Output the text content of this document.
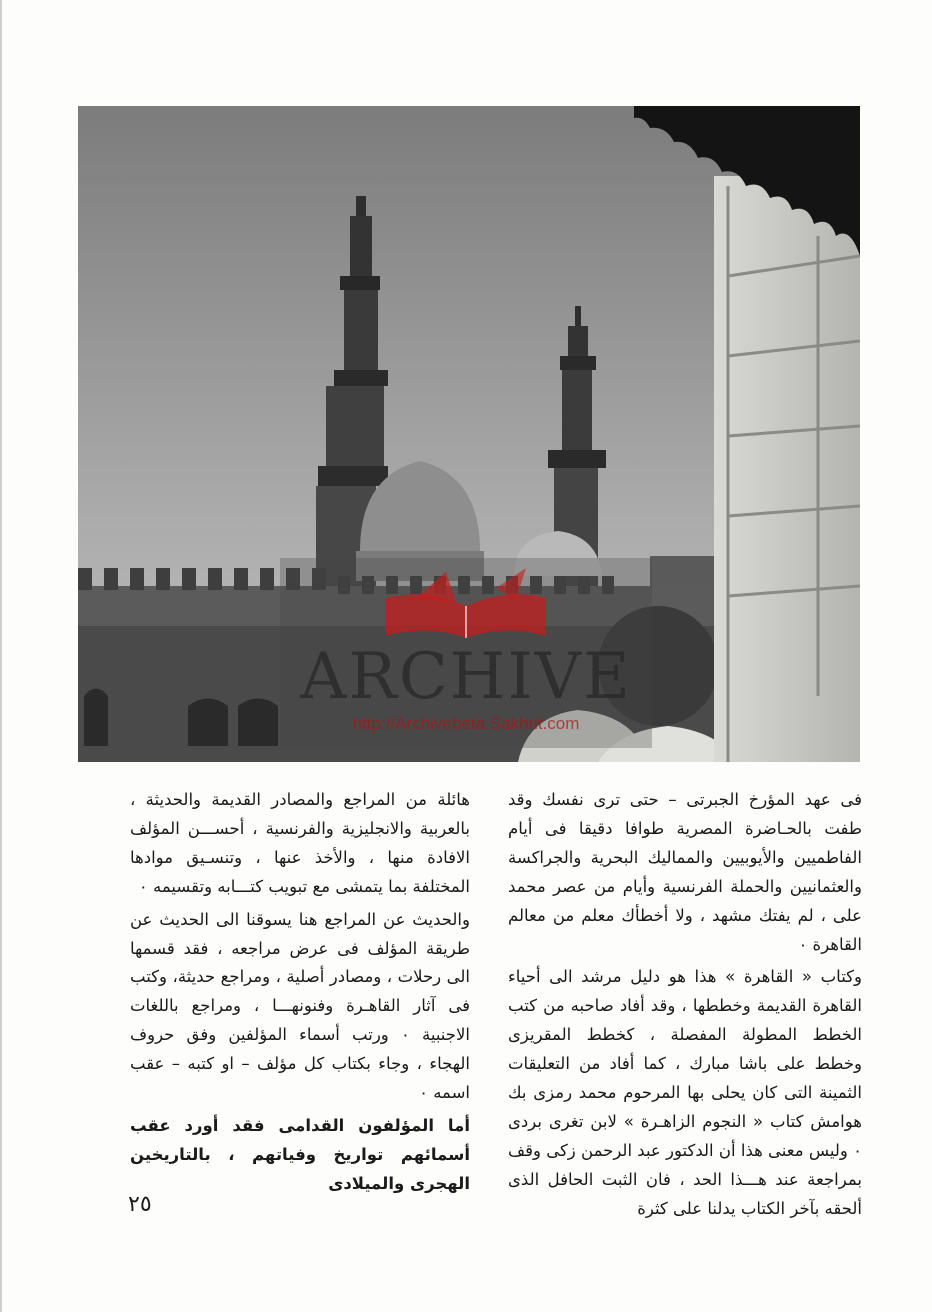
ARCHIVE
http://Archivebeta.Sakhrit.com

فى عهد المؤرخ الجبرتى – حتى ترى نفسك وقد طفت بالحـاضرة المصرية طوافا دقيقا فى أيام الفاطميين والأيوبيين والمماليك البحرية والجراكسة والعثمانيين والحملة الفرنسية وأيام من عصر محمد على ، لم يفتك مشهد ، ولا أخطأك معلم من معالم القاهرة ٠

وكتاب « القاهرة » هذا هو دليل مرشد الى أحياء القاهرة القديمة وخططها ، وقد أفاد صاحبه من كتب الخطط المطولة المفصلة ، كخطط المقريزى وخطط على باشا مبارك ، كما أفاد من التعليقات الثمينة التى كان يحلى بها المرحوم محمد رمزى بك هوامش كتاب « النجوم الزاهـرة » لابن تغرى بردى ٠ وليس معنى هذا أن الدكتور عبد الرحمن زكى وقف بمراجعة عند هـــذا الحد ، فان الثبت الحافل الذى ألحقه بآخر الكتاب يدلنا على كثرة

هائلة من المراجع والمصادر القديمة والحديثة ، بالعربية والانجليزية والفرنسية ، أحســـن المؤلف الافادة منها ، والأخذ عنها ، وتنسـيق موادها المختلفة بما يتمشى مع تبويب كتـــابه وتقسيمه ٠

والحديث عن المراجع هنا يسوقنا الى الحديث عن طريقة المؤلف فى عرض مراجعه ، فقد قسمها الى رحلات ، ومصادر أصلية ، ومراجع حديثة، وكتب فى آثار القاهـرة وفنونهـــا ، ومراجع باللغات الاجنبية ٠ ورتب أسماء المؤلفين وفق حروف الهجاء ، وجاء بكتاب كل مؤلف – او كتبه – عقب اسمه ٠

أما المؤلفون القدامى فقد أورد عقب أسمائهم تواريخ وفياتهم ، بالتاريخين الهجرى والميلادى

٢٥
